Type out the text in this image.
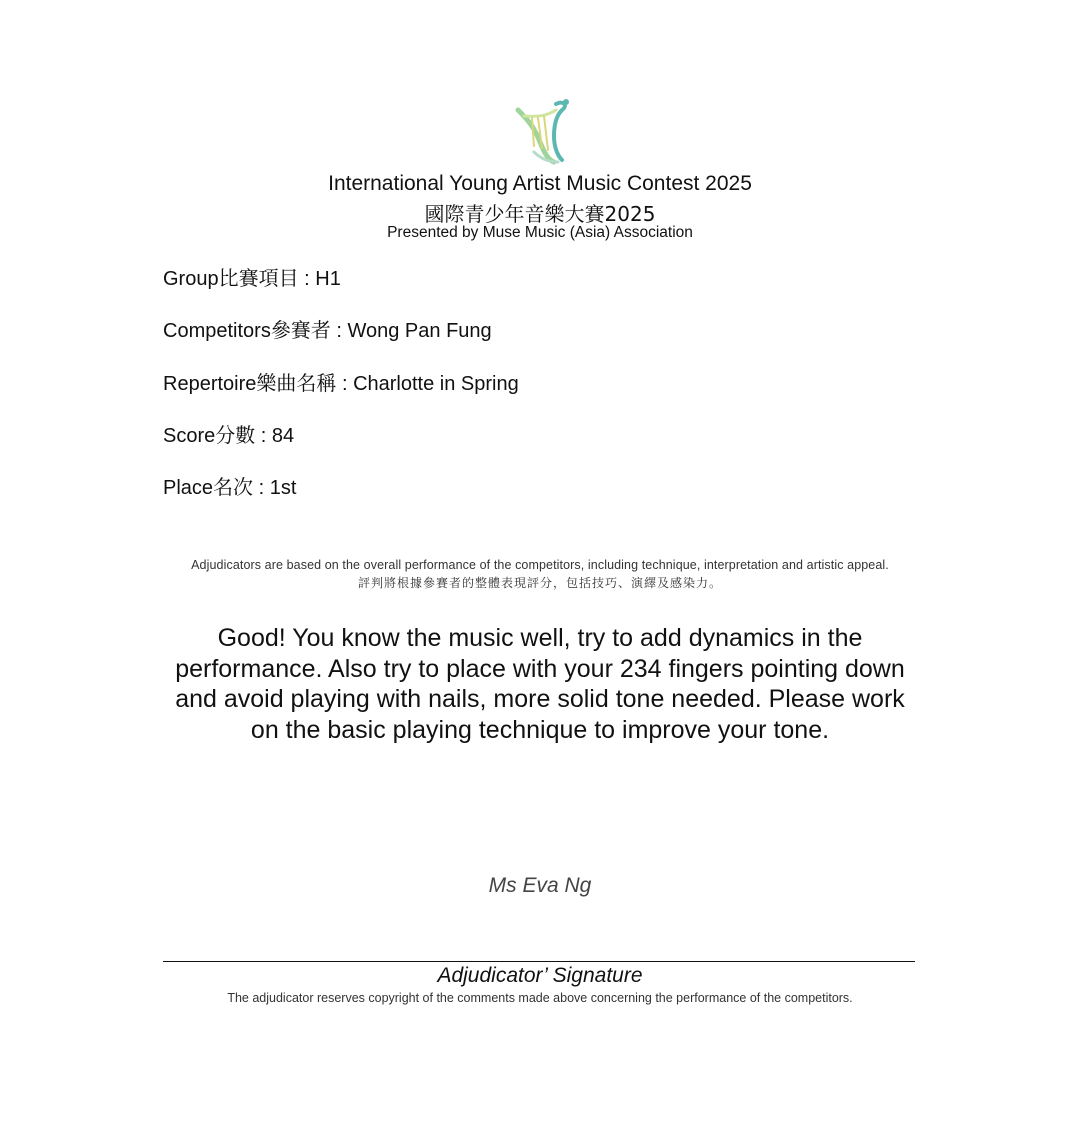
International Young Artist Music Contest 2025
國際青少年音樂大賽2025
Presented by Muse Music (Asia) Association
Group比賽項目 : H1
Competitors參賽者 : Wong Pan Fung
Repertoire樂曲名稱 : Charlotte in Spring
Score分數 : 84
Place名次 : 1st
Adjudicators are based on the overall performance of the competitors, including technique, interpretation and artistic appeal.
評判將根據參賽者的整體表現評分，包括技巧、演繹及感染力。
Good! You know the music well, try to add dynamics in the performance. Also try to place with your 234 fingers pointing down and avoid playing with nails, more solid tone needed. Please work on the basic playing technique to improve your tone.
Ms Eva Ng
Adjudicator’ Signature
The adjudicator reserves copyright of the comments made above concerning the performance of the competitors.
